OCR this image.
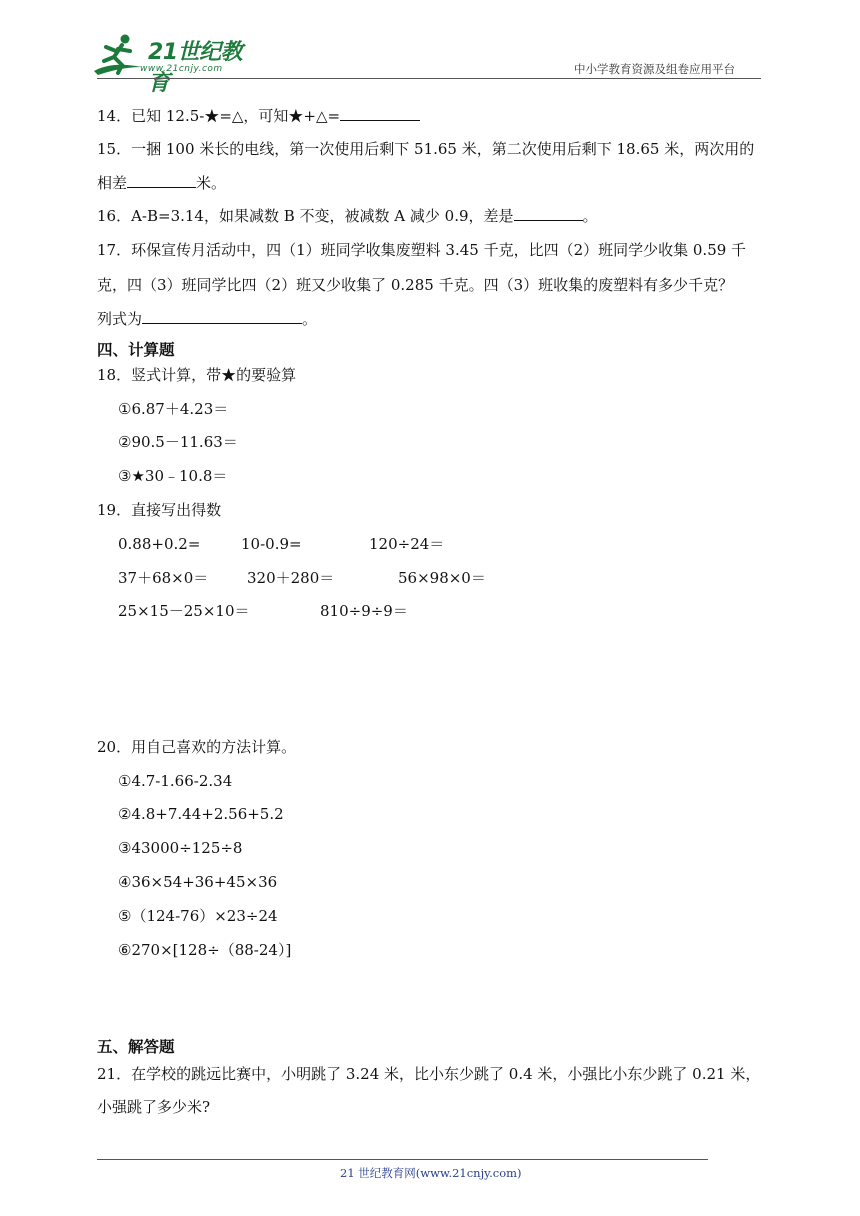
21世纪教育
www.21cnjy.com	中小学教育资源及组卷应用平台
14．已知 12.5-★=△，可知★+△=
15．一捆 100 米长的电线，第一次使用后剩下 51.65 米，第二次使用后剩下 18.65 米，两次用的
相差	米。
16．A-B=3.14，如果减数 B 不变，被减数 A 减少 0.9，差是	。
17．环保宣传月活动中，四（1）班同学收集废塑料 3.45 千克，比四（2）班同学少收集 0.59 千
克，四（3）班同学比四（2）班又少收集了 0.285 千克。四（3）班收集的废塑料有多少千克？
列式为	。
四、计算题
18．竖式计算，带★的要验算
①6.87＋4.23＝
②90.5－11.63＝
③★30﹣10.8＝
19．直接写出得数
0.88+0.2=	10-0.9=	120÷24＝
37＋68×0＝	320＋280＝	56×98×0＝
25×15－25×10＝	810÷9÷9＝
20．用自己喜欢的方法计算。
①4.7-1.66-2.34
②4.8+7.44+2.56+5.2
③43000÷125÷8
④36×54+36+45×36
⑤（124-76）×23÷24
⑥270×[128÷（88-24）]
五、解答题
21．在学校的跳远比赛中，小明跳了 3.24 米，比小东少跳了 0.4 米，小强比小东少跳了 0.21 米，
小强跳了多少米?
21 世纪教育网(www.21cnjy.com)
